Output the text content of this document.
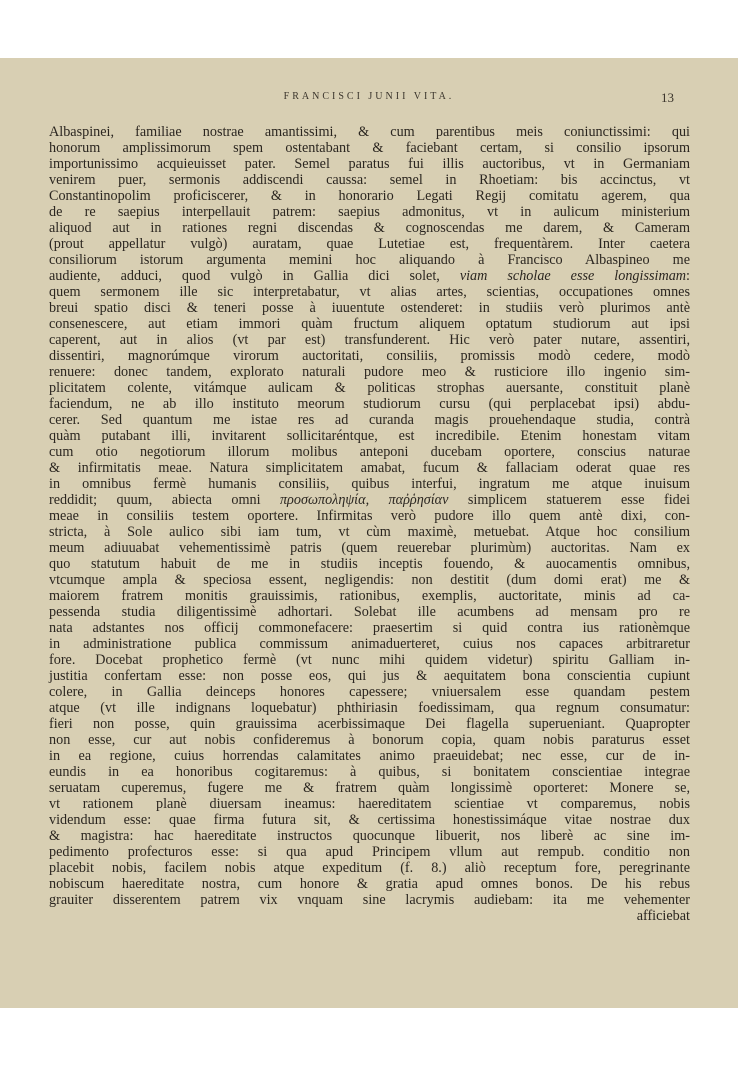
FRANCISCI JUNII VITA.	13
Albaspinei, familiae nostrae amantissimi, & cum parentibus meis coniunctissimi: qui
honorum amplissimorum spem ostentabant & faciebant certam, si consilio ipsorum
importunissimo acquieuisset pater. Semel paratus fui illis auctoribus, vt in Germaniam
venirem puer, sermonis addiscendi caussa: semel in Rhoetiam: bis accinctus, vt
Constantinopolim proficiscerer, & in honorario Legati Regij comitatu agerem, qua
de re saepius interpellauit patrem: saepius admonitus, vt in aulicum ministerium
aliquod aut in rationes regni discendas & cognoscendas me darem, & Cameram
(prout appellatur vulgò) auratam, quae Lutetiae est, frequentàrem. Inter caetera
consiliorum istorum argumenta memini hoc aliquando à Francisco Albaspineo me
audiente, adduci, quod vulgò in Gallia dici solet, viam scholae esse longissimam:
quem sermonem ille sic interpretabatur, vt alias artes, scientias, occupationes omnes
breui spatio disci & teneri posse à iuuentute ostenderet: in studiis verò plurimos antè
consenescere, aut etiam immori quàm fructum aliquem optatum studiorum aut ipsi
caperent, aut in alios (vt par est) transfunderent. Hic verò pater nutare, assentiri,
dissentiri, magnorúmque virorum auctoritati, consiliis, promissis modò cedere, modò
renuere: donec tandem, explorato naturali pudore meo & rusticiore illo ingenio sim-
plicitatem colente, vitámque aulicam & politicas strophas auersante, constituit planè
faciendum, ne ab illo instituto meorum studiorum cursu (qui perplacebat ipsi) abdu-
cerer. Sed quantum me istae res ad curanda magis prouehendaque studia, contrà
quàm putabant illi, invitarent sollicitaréntque, est incredibile. Etenim honestam vitam
cum otio negotiorum illorum molibus anteponi ducebam oportere, conscius naturae
& infirmitatis meae. Natura simplicitatem amabat, fucum & fallaciam oderat quae res
in omnibus fermè humanis consiliis, quibus interfui, ingratum me atque inuisum
reddidit; quum, abiecta omni προσωποληψία, παῤῥησίαν simplicem statuerem esse fidei
meae in consiliis testem oportere. Infirmitas verò pudore illo quem antè dixi, con-
stricta, à Sole aulico sibi iam tum, vt cùm maximè, metuebat. Atque hoc consilium
meum adiuuabat vehementissimè patris (quem reuerebar plurimùm) auctoritas. Nam ex
quo statutum habuit de me in studiis inceptis fouendo, & auocamentis omnibus,
vtcumque ampla & speciosa essent, negligendis: non destitit (dum domi erat) me &
maiorem fratrem monitis grauissimis, rationibus, exemplis, auctoritate, minis ad ca-
pessenda studia diligentissimè adhortari. Solebat ille acumbens ad mensam pro re
nata adstantes nos officij commonefacere: praesertim si quid contra ius rationèmque
in administratione publica commissum animaduerteret, cuius nos capaces arbitraretur
fore. Docebat prophetico fermè (vt nunc mihi quidem videtur) spiritu Galliam in-
justitia confertam esse: non posse eos, qui jus & aequitatem bona conscientia cupiunt
colere, in Gallia deinceps honores capessere; vniuersalem esse quandam pestem
atque (vt ille indignans loquebatur) phthiriasin foedissimam, qua regnum consumatur:
fieri non posse, quin grauissima acerbissimaque Dei flagella superueniant. Quapropter
non esse, cur aut nobis confideremus à bonorum copia, quam nobis paraturus esset
in ea regione, cuius horrendas calamitates animo praeuidebat; nec esse, cur de in-
eundis in ea honoribus cogitaremus: à quibus, si bonitatem conscientiae integrae
seruatam cuperemus, fugere me & fratrem quàm longissimè oporteret: Monere se,
vt rationem planè diuersam ineamus: haereditatem scientiae vt comparemus, nobis
videndum esse: quae firma futura sit, & certissima honestissimáque vitae nostrae dux
& magistra: hac haereditate instructos quocunque libuerit, nos liberè ac sine im-
pedimento profecturos esse: si qua apud Principem vllum aut rempub. conditio non
placebit nobis, facilem nobis atque expeditum (f. 8.) aliò receptum fore, peregrinante
nobiscum haereditate nostra, cum honore & gratia apud omnes bonos. De his rebus
grauiter disserentem patrem vix vnquam sine lacrymis audiebam: ita me vehementer
afficiebat
